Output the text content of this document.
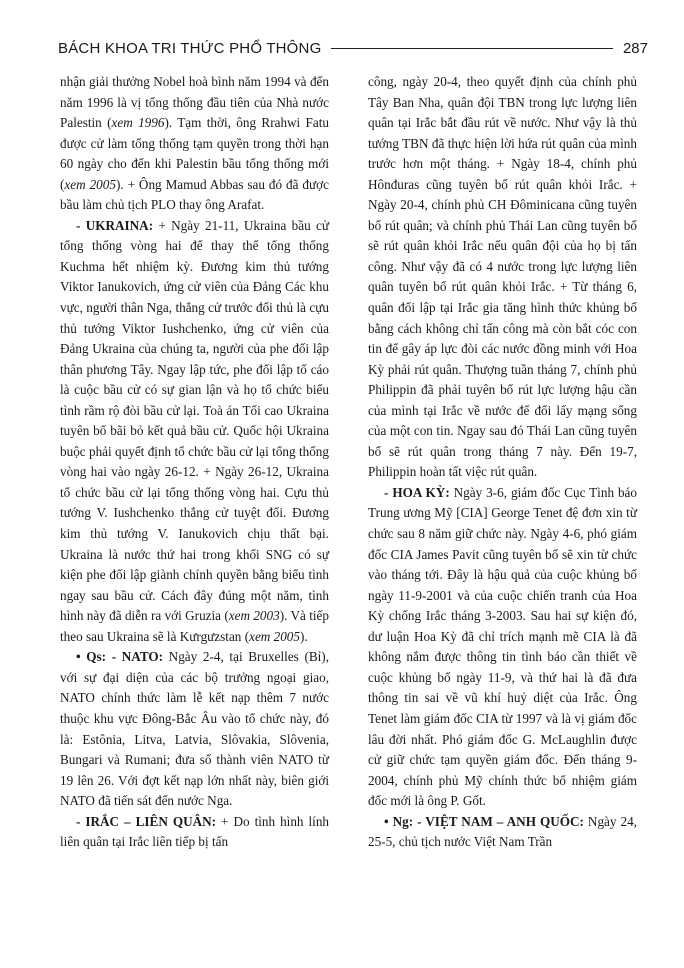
BÁCH KHOA TRI THỨC PHỔ THÔNG	287

nhận giải thưởng Nobel hoà bình năm 1994 và đến năm 1996 là vị tổng thống đầu tiên của Nhà nước Palestin (xem 1996). Tạm thời, ông Rrahwi Fatu được cử làm tổng thống tạm quyền trong thời hạn 60 ngày cho đến khi Palestin bầu tổng thống mới (xem 2005). + Ông Mamud Abbas sau đó đã được bầu làm chủ tịch PLO thay ông Arafat.

- UKRAINA: + Ngày 21-11, Ukraina bầu cử tổng thống vòng hai để thay thế tổng thống Kuchma hết nhiệm kỳ. Đương kim thủ tướng Viktor Ianukovich, ứng cử viên của Đảng Các khu vực, người thân Nga, thắng cử trước đối thủ là cựu thủ tướng Viktor Iushchenko, ứng cử viên của Đảng Ukraina của chúng ta, người của phe đối lập thân phương Tây. Ngay lập tức, phe đối lập tố cáo là cuộc bầu cử có sự gian lận và họ tổ chức biểu tình rầm rộ đòi bầu cử lại. Toà án Tối cao Ukraina tuyên bố bãi bỏ kết quả bầu cử. Quốc hội Ukraina buộc phải quyết định tổ chức bầu cử lại tổng thống vòng hai vào ngày 26-12. + Ngày 26-12, Ukraina tổ chức bầu cử lại tổng thống vòng hai. Cựu thủ tướng V. Iushchenko thắng cử tuyệt đối. Đương kim thủ tướng V. Ianukovich chịu thất bại. Ukraina là nước thứ hai trong khối SNG có sự kiện phe đối lập giành chính quyền bằng biểu tình ngay sau bầu cử. Cách đây đúng một năm, tình hình này đã diễn ra với Gruzia (xem 2003). Và tiếp theo sau Ukraina sẽ là Kưrgưzstan (xem 2005).

• Qs: - NATO: Ngày 2-4, tại Bruxelles (Bỉ), với sự đại diện của các bộ trưởng ngoại giao, NATO chính thức làm lễ kết nạp thêm 7 nước thuộc khu vực Đông-Bắc Âu vào tổ chức này, đó là: Estônia, Litva, Latvia, Slôvakia, Slôvenia, Bungari và Rumani; đưa số thành viên NATO từ 19 lên 26. Với đợt kết nạp lớn nhất này, biên giới NATO đã tiến sát đến nước Nga.

- IRẮC – LIÊN QUÂN: + Do tình hình lính liên quân tại Irắc liên tiếp bị tấn

công, ngày 20-4, theo quyết định của chính phủ Tây Ban Nha, quân đội TBN trong lực lượng liên quân tại Irắc bắt đầu rút về nước. Như vậy là thủ tướng TBN đã thực hiện lời hứa rút quân của mình trước hơn một tháng. + Ngày 18-4, chính phủ Hônđuras cũng tuyên bố rút quân khỏi Irắc. + Ngày 20-4, chính phủ CH Đôminicana cũng tuyên bố rút quân; và chính phủ Thái Lan cũng tuyên bố sẽ rút quân khỏi Irắc nếu quân đội của họ bị tấn công. Như vậy đã có 4 nước trong lực lượng liên quân tuyên bố rút quân khỏi Irắc. + Từ tháng 6, quân đối lập tại Irắc gia tăng hình thức khủng bố bằng cách không chỉ tấn công mà còn bắt cóc con tin để gây áp lực đòi các nước đồng minh với Hoa Kỳ phải rút quân. Thượng tuần tháng 7, chính phủ Philippin đã phải tuyên bố rút lực lượng hậu cần của mình tại Irắc về nước để đổi lấy mạng sống của một con tin. Ngay sau đó Thái Lan cũng tuyên bố sẽ rút quân trong tháng 7 này. Đến 19-7, Philippin hoàn tất việc rút quân.

- HOA KỲ: Ngày 3-6, giám đốc Cục Tình báo Trung ương Mỹ [CIA] George Tenet đệ đơn xin từ chức sau 8 năm giữ chức này. Ngày 4-6, phó giám đốc CIA James Pavit cũng tuyên bố sẽ xin từ chức vào tháng tới. Đây là hậu quả của cuộc khủng bố ngày 11-9-2001 và của cuộc chiến tranh của Hoa Kỳ chống Irắc tháng 3-2003. Sau hai sự kiện đó, dư luận Hoa Kỳ đã chỉ trích mạnh mẽ CIA là đã không nắm được thông tin tình báo cần thiết về cuộc khủng bố ngày 11-9, và thứ hai là đã đưa thông tin sai về vũ khí huỷ diệt của Irắc. Ông Tenet làm giám đốc CIA từ 1997 và là vị giám đốc lâu đời nhất. Phó giám đốc G. McLaughlin được cử giữ chức tạm quyền giám đốc. Đến tháng 9-2004, chính phủ Mỹ chính thức bổ nhiệm giám đốc mới là ông P. Gốt.

• Ng: - VIỆT NAM – ANH QUỐC: Ngày 24, 25-5, chủ tịch nước Việt Nam Trần
